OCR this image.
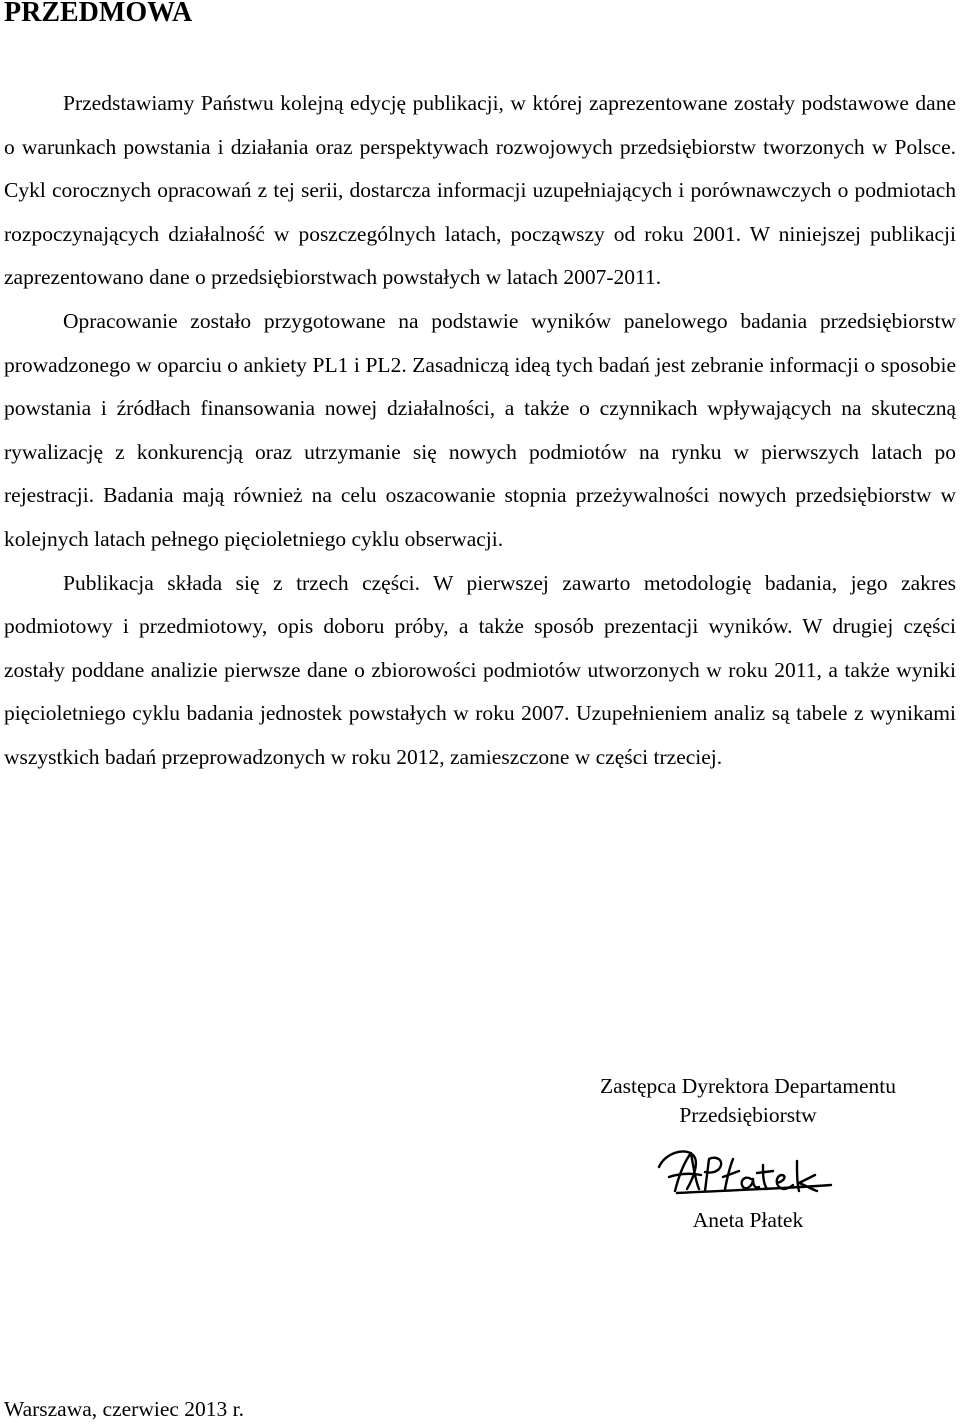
PRZEDMOWA

Przedstawiamy Państwu kolejną edycję publikacji, w której zaprezentowane zostały podstawowe dane o warunkach powstania i działania oraz perspektywach rozwojowych przedsiębiorstw tworzonych w Polsce. Cykl corocznych opracowań z tej serii, dostarcza informacji uzupełniających i porównawczych o podmiotach rozpoczynających działalność w poszczególnych latach, począwszy od roku 2001. W niniejszej publikacji zaprezentowano dane o przedsiębiorstwach powstałych w latach 2007-2011.

Opracowanie zostało przygotowane na podstawie wyników panelowego badania przedsiębiorstw prowadzonego w oparciu o ankiety PL1 i PL2. Zasadniczą ideą tych badań jest zebranie informacji o sposobie powstania i źródłach finansowania nowej działalności, a także o czynnikach wpływających na skuteczną rywalizację z konkurencją oraz utrzymanie się nowych podmiotów na rynku w pierwszych latach po rejestracji. Badania mają również na celu oszacowanie stopnia przeżywalności nowych przedsiębiorstw w kolejnych latach pełnego pięcioletniego cyklu obserwacji.

Publikacja składa się z trzech części. W pierwszej zawarto metodologię badania, jego zakres podmiotowy i przedmiotowy, opis doboru próby, a także sposób prezentacji wyników. W drugiej części zostały poddane analizie pierwsze dane o zbiorowości podmiotów utworzonych w roku 2011, a także wyniki pięcioletniego cyklu badania jednostek powstałych w roku 2007. Uzupełnieniem analiz są tabele z wynikami wszystkich badań przeprowadzonych w roku 2012, zamieszczone w części trzeciej.

Zastępca Dyrektora Departamentu
Przedsiębiorstw
Aneta Płatek
Warszawa, czerwiec 2013 r.
